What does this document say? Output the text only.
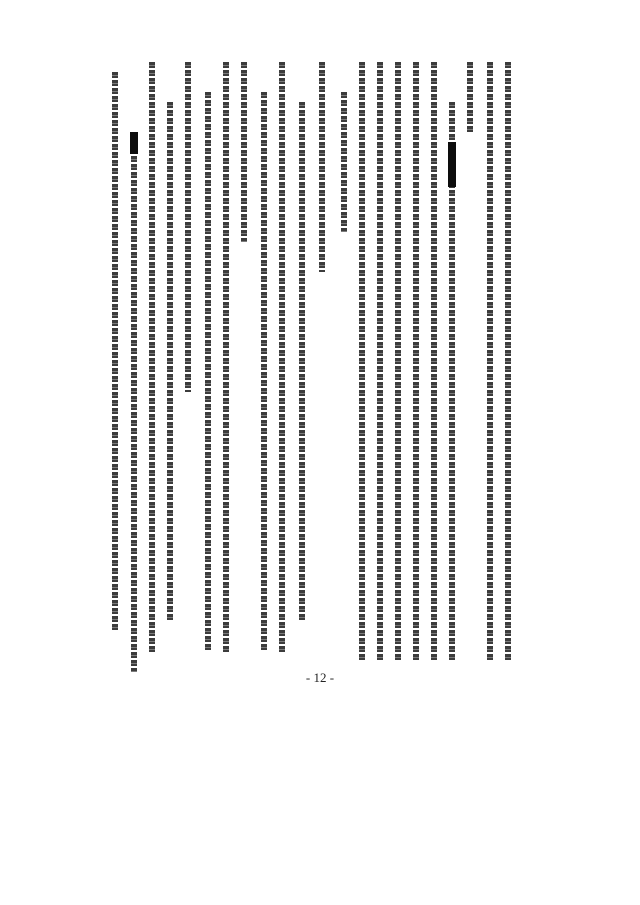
- 12 -
